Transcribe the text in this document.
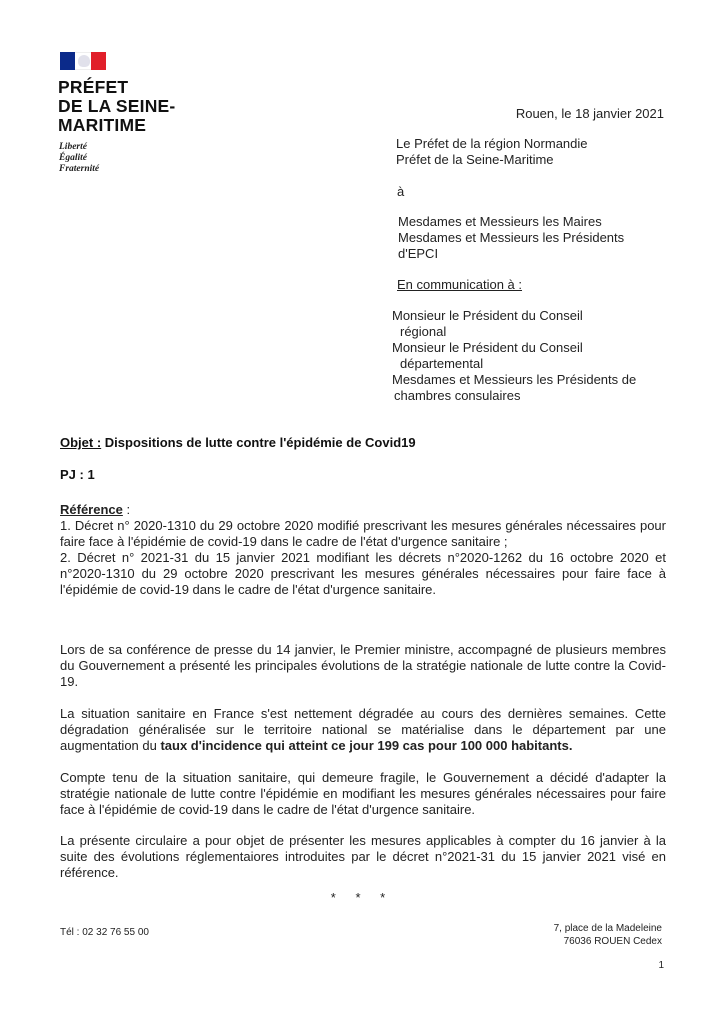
PRÉFET
DE LA SEINE-
MARITIME
Liberté
Égalité
Fraternité
Rouen, le 18 janvier 2021
Le Préfet de la région Normandie
Préfet de la Seine-Maritime
à
Mesdames et Messieurs les Maires
Mesdames et Messieurs les Présidents
d'EPCI
En communication à :
Monsieur le Président du Conseil
régional
Monsieur le Président du Conseil
départemental
Mesdames et Messieurs les Présidents de
chambres consulaires
Objet : Dispositions de lutte contre l'épidémie de Covid19
PJ : 1
Référence :
1. Décret n° 2020-1310 du 29 octobre 2020 modifié prescrivant les mesures générales nécessaires pour faire face à l'épidémie de covid-19 dans le cadre de l'état d'urgence sanitaire ;
2. Décret n° 2021-31 du 15 janvier 2021 modifiant les décrets n°2020-1262 du 16 octobre 2020 et n°2020-1310 du 29 octobre 2020 prescrivant les mesures générales nécessaires pour faire face à l'épidémie de covid-19 dans le cadre de l'état d'urgence sanitaire.
Lors de sa conférence de presse du 14 janvier, le Premier ministre, accompagné de plusieurs membres du Gouvernement a présenté les principales évolutions de la stratégie nationale de lutte contre la Covid-19.
La situation sanitaire en France s'est nettement dégradée au cours des dernières semaines. Cette dégradation généralisée sur le territoire national se matérialise dans le département par une augmentation du taux d'incidence qui atteint ce jour 199 cas pour 100 000 habitants.
Compte tenu de la situation sanitaire, qui demeure fragile, le Gouvernement a décidé d'adapter la stratégie nationale de lutte contre l'épidémie en modifiant les mesures générales nécessaires pour faire face à l'épidémie de covid-19 dans le cadre de l'état d'urgence sanitaire.
La présente circulaire a pour objet de présenter les mesures applicables à compter du 16 janvier à la suite des évolutions réglementaiores introduites par le décret n°2021-31 du 15 janvier 2021 visé en référence.
* * *
Tél : 02 32 76 55 00	7, place de la Madeleine
76036 ROUEN Cedex
1
